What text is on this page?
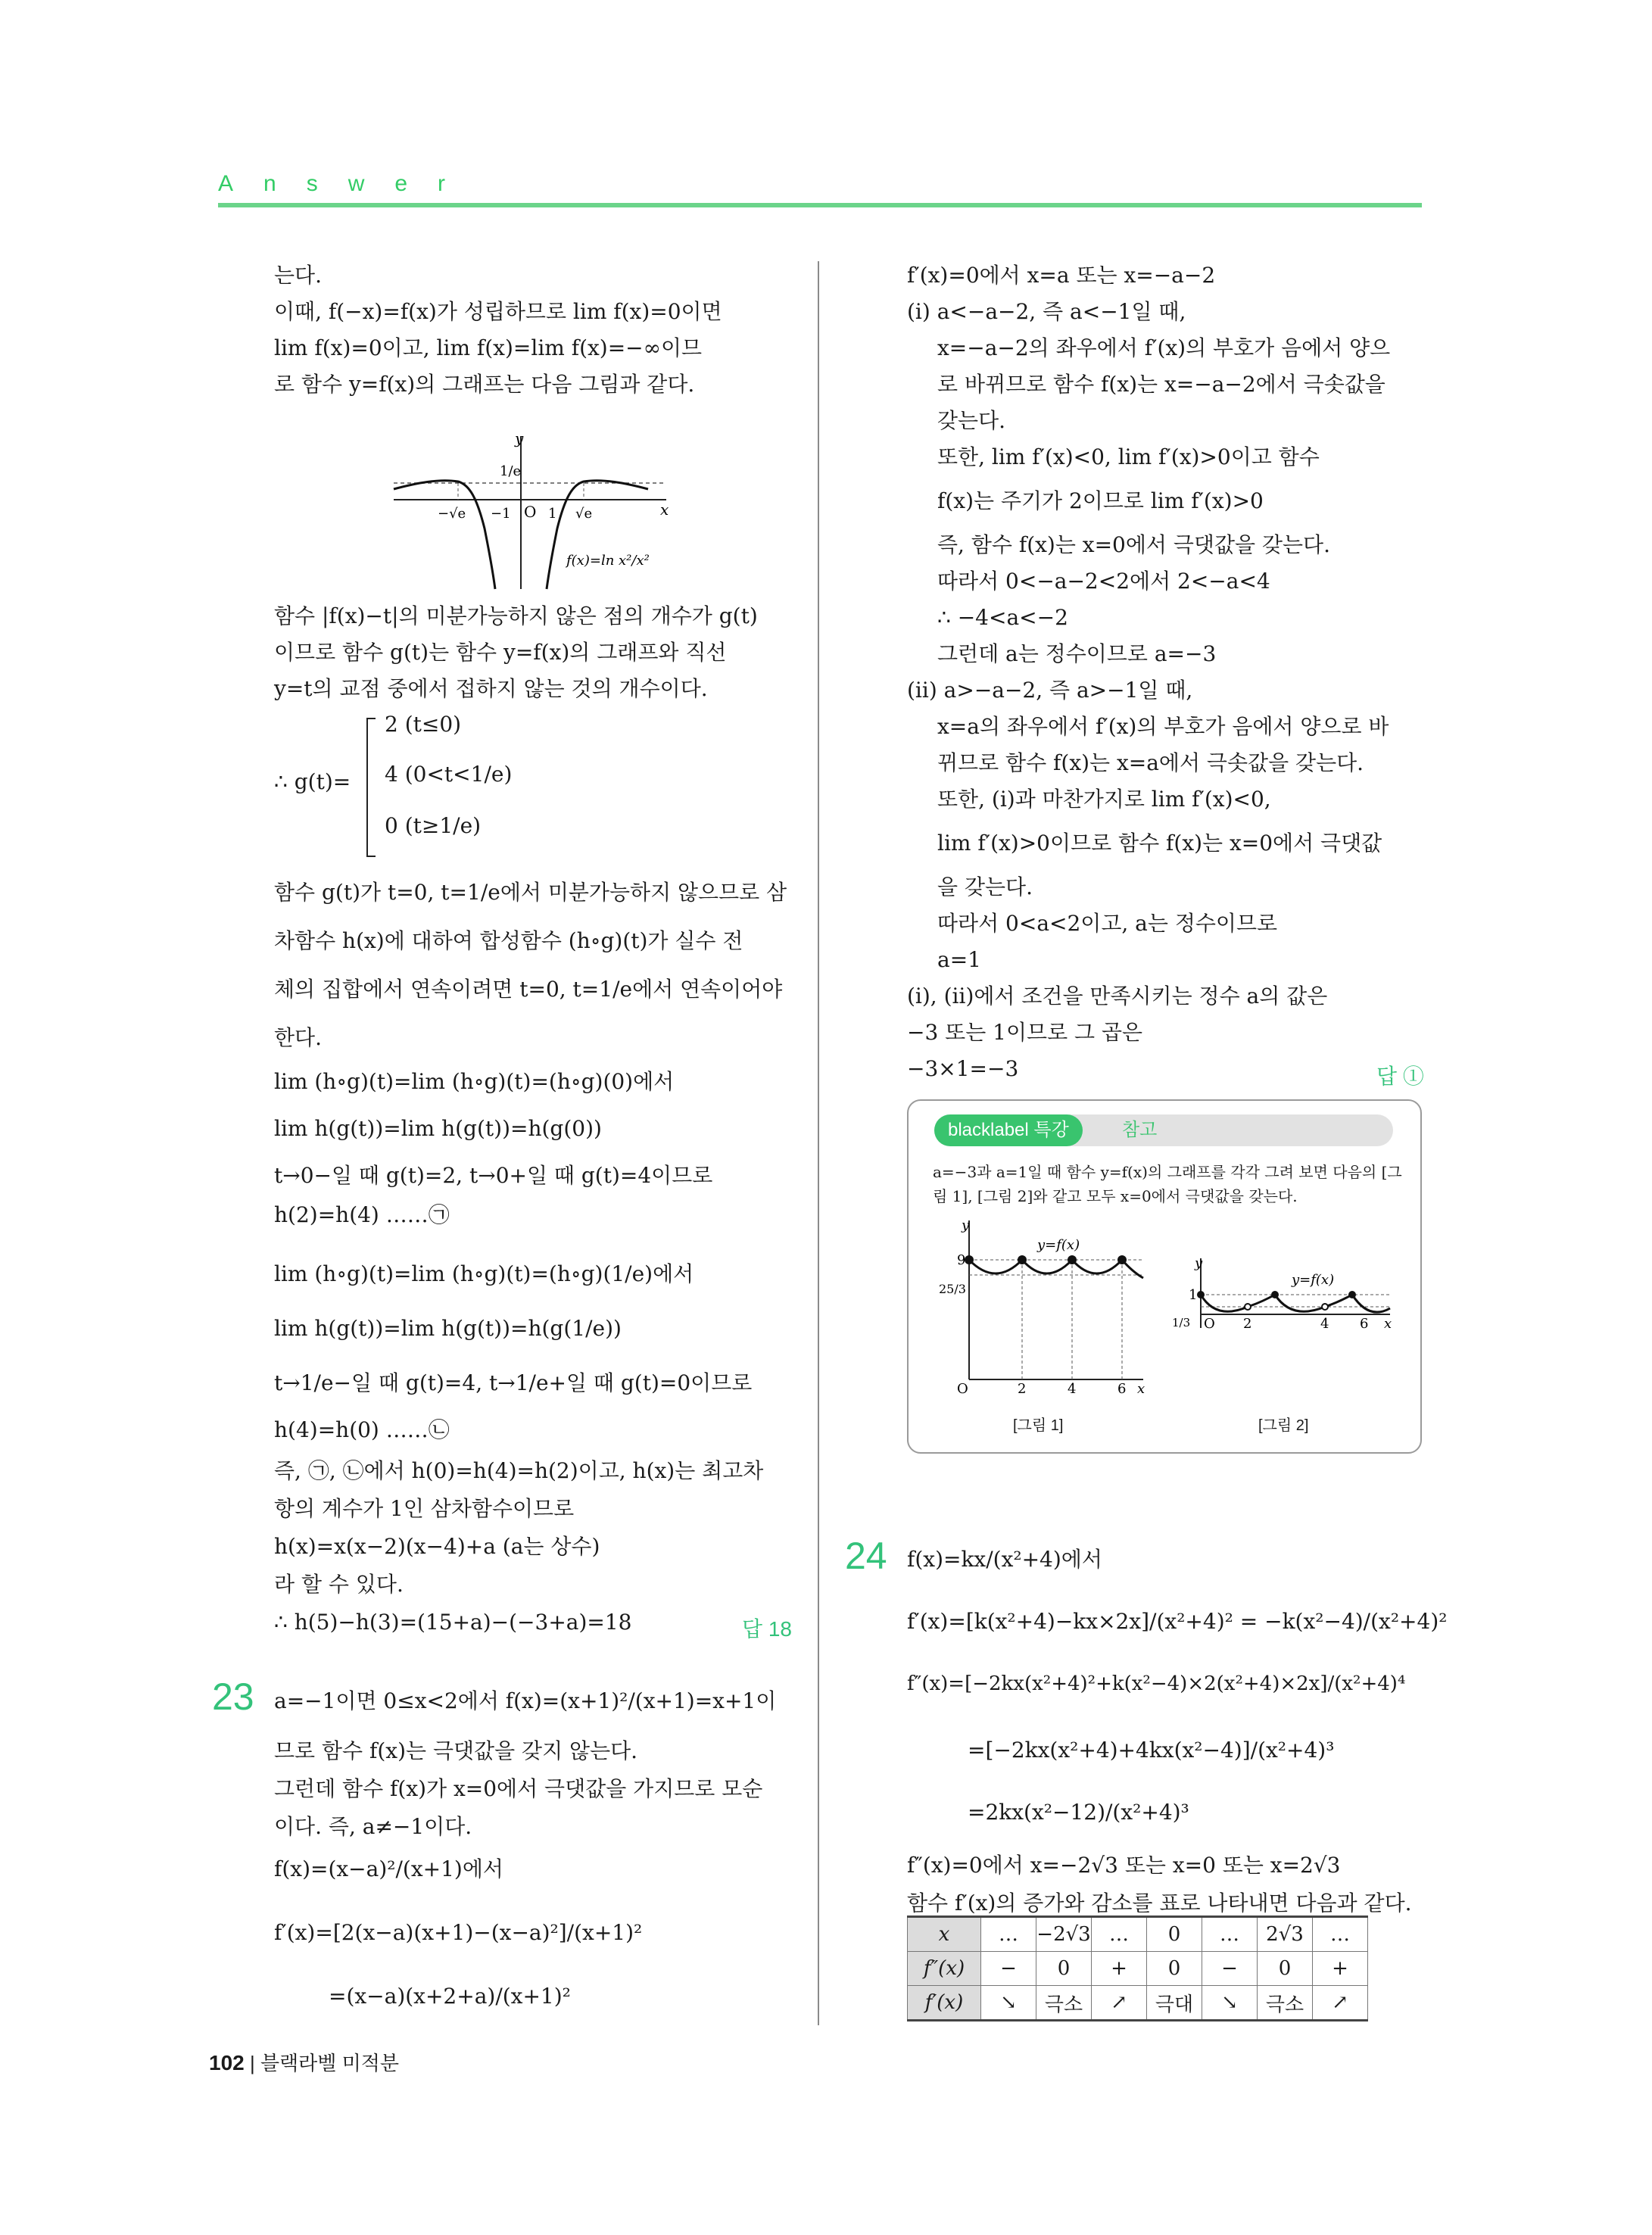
Answer
는다.
이때, f(−x)=f(x)가 성립하므로 lim f(x)=0이면
lim f(x)=0이고, lim f(x)=lim f(x)=−∞이므
로 함수 y=f(x)의 그래프는 다음 그림과 같다.
y
x
O
1/e
−√e −1	1 √e
f(x)=ln x²/x²
함수 |f(x)−t|의 미분가능하지 않은 점의 개수가 g(t)
이므로 함수 g(t)는 함수 y=f(x)의 그래프와 직선
y=t의 교점 중에서 접하지 않는 것의 개수이다.
∴ g(t)=
2 (t≤0)
4 (0<t<1/e)
0 (t≥1/e)
함수 g(t)가 t=0, t=1/e에서 미분가능하지 않으므로 삼
차함수 h(x)에 대하여 합성함수 (h∘g)(t)가 실수 전
체의 집합에서 연속이려면 t=0, t=1/e에서 연속이어야
한다.
lim (h∘g)(t)=lim (h∘g)(t)=(h∘g)(0)에서
lim h(g(t))=lim h(g(t))=h(g(0))
t→0−일 때 g(t)=2, t→0+일 때 g(t)=4이므로
h(2)=h(4) ……㉠
lim (h∘g)(t)=lim (h∘g)(t)=(h∘g)(1/e)에서
lim h(g(t))=lim h(g(t))=h(g(1/e))
t→1/e−일 때 g(t)=4, t→1/e+일 때 g(t)=0이므로
h(4)=h(0) ……㉡
즉, ㉠, ㉡에서 h(0)=h(4)=h(2)이고, h(x)는 최고차
항의 계수가 1인 삼차함수이므로
h(x)=x(x−2)(x−4)+a (a는 상수)
라 할 수 있다.
∴ h(5)−h(3)=(15+a)−(−3+a)=18	답 18
23 a=−1이면 0≤x<2에서 f(x)=(x+1)²/(x+1)=x+1이
므로 함수 f(x)는 극댓값을 갖지 않는다.
그런데 함수 f(x)가 x=0에서 극댓값을 가지므로 모순
이다. 즉, a≠−1이다.
f(x)=(x−a)²/(x+1)에서
f′(x)=[2(x−a)(x+1)−(x−a)²]/(x+1)²
=(x−a)(x+2+a)/(x+1)²
f′(x)=0에서 x=a 또는 x=−a−2
(ⅰ) a<−a−2, 즉 a<−1일 때,
x=−a−2의 좌우에서 f′(x)의 부호가 음에서 양으
로 바뀌므로 함수 f(x)는 x=−a−2에서 극솟값을
갖는다.
또한, lim f′(x)<0, lim f′(x)>0이고 함수
f(x)는 주기가 2이므로 lim f′(x)>0
즉, 함수 f(x)는 x=0에서 극댓값을 갖는다.
따라서 0<−a−2<2에서 2<−a<4
∴ −4<a<−2
그런데 a는 정수이므로 a=−3
(ⅱ) a>−a−2, 즉 a>−1일 때,
x=a의 좌우에서 f′(x)의 부호가 음에서 양으로 바
뀌므로 함수 f(x)는 x=a에서 극솟값을 갖는다.
또한, (ⅰ)과 마찬가지로 lim f′(x)<0,
lim f′(x)>0이므로 함수 f(x)는 x=0에서 극댓값
을 갖는다.
따라서 0<a<2이고, a는 정수이므로
a=1
(ⅰ), (ⅱ)에서 조건을 만족시키는 정수 a의 값은
−3 또는 1이므로 그 곱은
−3×1=−3	답 ①
blacklabel 특강	참고
a=−3과 a=1일 때 함수 y=f(x)의 그래프를 각각 그려 보면 다음의 [그림 1], [그림 2]와 같고 모두 x=0에서 극댓값을 갖는다.
y
x
O
9
25/3
y=f(x)
2	4	6
[그림 1]
y
x
O
1
1/3
y=f(x)
2	4 6
[그림 2]
24 f(x)=kx/(x²+4)에서
f′(x)=[k(x²+4)−kx×2x]/(x²+4)² = −k(x²−4)/(x²+4)²
f″(x)=[−2kx(x²+4)²+k(x²−4)×2(x²+4)×2x]/(x²+4)⁴
=[−2kx(x²+4)+4kx(x²−4)]/(x²+4)³
=2kx(x²−12)/(x²+4)³
f″(x)=0에서 x=−2√3 또는 x=0 또는 x=2√3
함수 f′(x)의 증가와 감소를 표로 나타내면 다음과 같다.
x	…	−2√3	…	0	…	2√3	…
f″(x)	−	0	+	0	−	0	+
f′(x)	↘	극소	↗	극대	↘	극소	↗
102 | 블랙라벨 미적분
